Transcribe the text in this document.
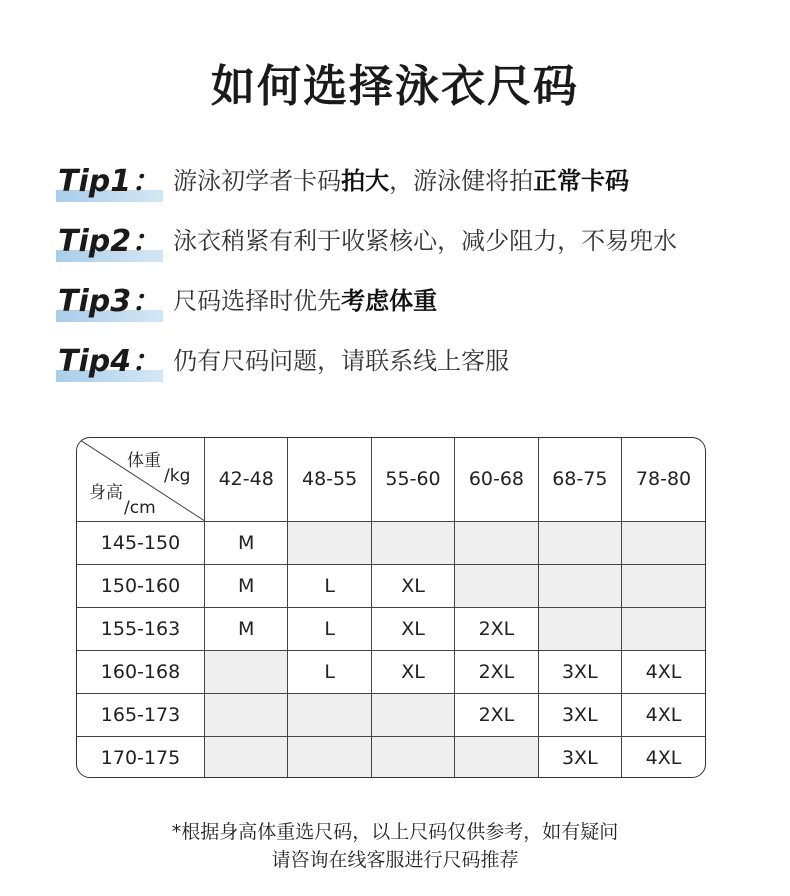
如何选择泳衣尺码
Tip1： 游泳初学者卡码 拍大 ，游泳健将拍 正常卡码
Tip2： 泳衣稍紧有利于收紧核心，减少阻力，不易兜水
Tip3： 尺码选择时优先 考虑体重
Tip4： 仍有尺码问题，请联系线上客服
体重
/kg
身高
/cm	42-48	48-55	55-60	60-68	68-75	78-80
145-150	M					
150-160	M	L	XL			
155-163	M	L	XL	2XL		
160-168		L	XL	2XL	3XL	4XL
165-173				2XL	3XL	4XL
170-175					3XL	4XL
*根据身高体重选尺码，以上尺码仅供参考，如有疑问
请咨询在线客服进行尺码推荐
